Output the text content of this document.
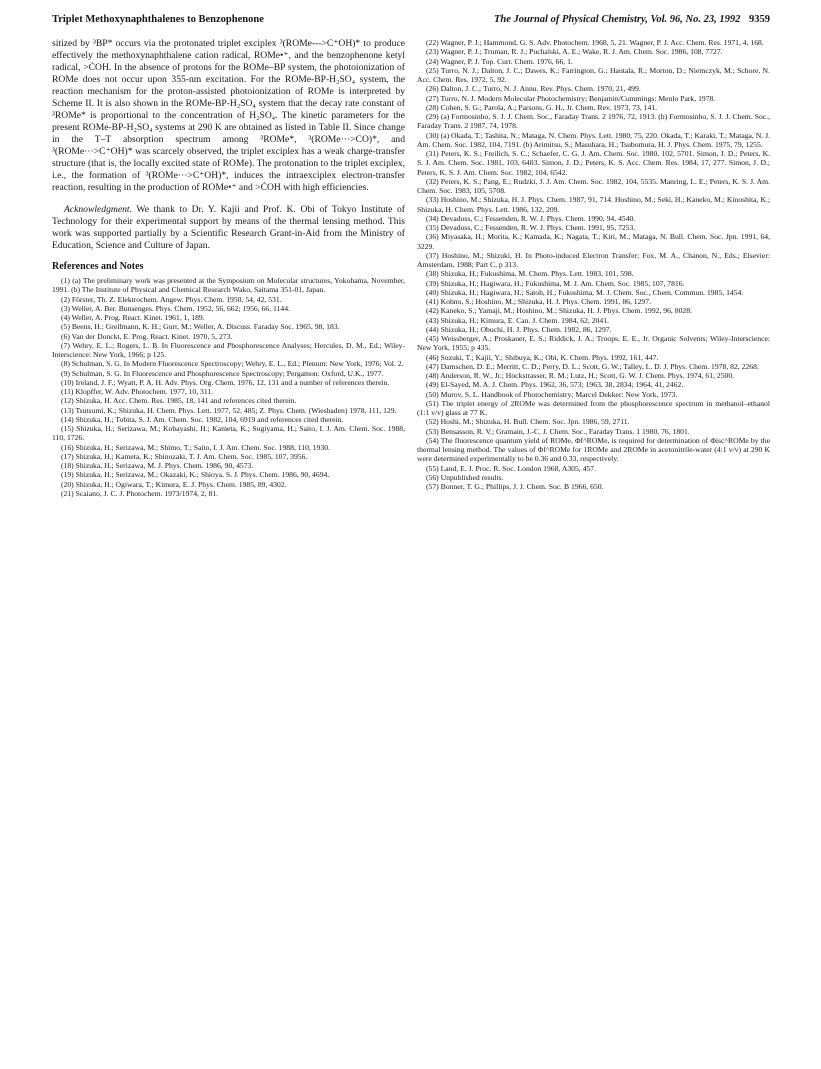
Triplet Methoxynaphthalenes to Benzophenone	The Journal of Physical Chemistry, Vol. 96, No. 23, 1992 9359

sitized by ³BP* occurs via the protonated triplet exciplex ³(ROMe--->C⁺OH)* to produce effectively the methoxynaphthalene cation radical, ROMe•⁺, and the benzophenone ketyl radical, >ĊOH. In the absence of protons for the ROMe–BP system, the photoionization of ROMe does not occur upon 355-nm excitation. For the ROMe-BP-H₂SO₄ system, the reaction mechanism for the proton-assisted photoionization of ROMe is interpreted by Scheme II. It is also shown in the ROMe-BP-H₂SO₄ system that the decay rate constant of ³ROMe* is proportional to the concentration of H₂SO₄. The kinetic parameters for the present ROMe-BP-H₂SO₄ systems at 290 K are obtained as listed in Table II. Since change in the T–T absorption spectrum among ³ROMe*, ³(ROMe···>CO)*, and ³(ROMe···>C⁺OH)* was scarcely observed, the triplet exciplex has a weak charge-transfer structure (that is, the locally excited state of ROMe). The protonation to the triplet exciplex, i.e., the formation of ³(ROMe···>C⁺OH)*, induces the intraexciplex electron-transfer reaction, resulting in the production of ROMe•⁺ and >ĊOH with high efficiencies.

Acknowledgment. We thank to Dr. Y. Kajii and Prof. K. Obi of Tokyo Institute of Technology for their experimental support by means of the thermal lensing method. This work was supported partially by a Scientific Research Grant-in-Aid from the Ministry of Education, Science and Culture of Japan.

References and Notes

(1) (a) The preliminary work was presented at the Symposium on Molecular structures, Yokohama, November, 1991. (b) The Institute of Physical and Chemical Research Wako, Saitama 351-01, Japan.

(2) Förster, Th. Z. Elektrochem. Angew. Phys. Chem. 1950, 54, 42, 531.

(3) Weller, A. Ber. Bunsenges. Phys. Chem. 1952, 56, 662; 1956, 66, 1144.

(4) Weller, A. Prog. React. Kinet. 1961, 1, 189.

(5) Beens, H.; Grellmann, K. H.; Gurr, M.; Weller, A. Discuss. Faraday Soc. 1965, 98, 183.

(6) Van der Donckt, E. Prog. React. Kinet. 1970, 5, 273.

(7) Wehry, E. L.; Rogers, L. B. In Fluorescence and Phosphorescence Analyses; Hercules, D. M., Ed.; Wiley-Interscience: New York, 1966; p 125.

(8) Schulman, S. G. In Modern Fluorescence Spectroscopy; Wehry, E. L., Ed.; Plenum: New York, 1976; Vol. 2.

(9) Schulman, S. G. In Fluorescence and Phosphorescence Spectroscopy; Pergamon: Oxford, U.K., 1977.

(10) Ireland, J. F.; Wyatt, P. A. H. Adv. Phys. Org. Chem. 1976, 12, 131 and a number of references therein.

(11) Klopffer, W. Adv. Photochem. 1977, 10, 311.

(12) Shizuka, H. Acc. Chem. Res. 1985, 18, 141 and references cited therein.

(13) Tsutsumi, K.; Shizuka, H. Chem. Phys. Lett. 1977, 52, 485; Z. Phys. Chem. (Wiesbaden) 1978, 111, 129.

(14) Shizuka, H.; Tobita, S. J. Am. Chem. Soc. 1982, 104, 6919 and references cited therein.

(15) Shizuka, H.; Serizawa, M.; Kobayashi, H.; Kameta, K.; Sugiyama, H.; Saito, I. J. Am. Chem. Soc. 1988, 110, 1726.

(16) Shizuka, H.; Serizawa, M.; Shimo, T.; Saito, I. J. Am. Chem. Soc. 1988, 110, 1930.

(17) Shizuka, H.; Kameta, K.; Shinozaki, T. J. Am. Chem. Soc. 1985, 107, 3956.

(18) Shizuka, H.; Serizawa, M. J. Phys. Chem. 1986, 90, 4573.

(19) Shizuka, H.; Serizawa, M.; Okazaki, K.; Shioya, S. J. Phys. Chem. 1986, 90, 4694.

(20) Shizuka, H.; Ogiwara, T.; Kimura, E. J. Phys. Chem. 1985, 89, 4302.

(21) Scaiano, J. C. J. Photochem. 1973/1974, 2, 81.

(22) Wagner, P. J.; Hammond, G. S. Adv. Photochem. 1968, 5, 21. Wagner, P. J. Acc. Chem. Res. 1971, 4, 168.

(23) Wagner, P. J.; Truman, R. J.; Puchalski, A. E.; Wake, R. J. Am. Chem. Soc. 1986, 108, 7727.

(24) Wagner, P. J. Top. Curr. Chem. 1976, 66, 1.

(25) Turro, N. J.; Dalton, J. C.; Dawes, K.; Farrington, G.; Hautala, R.; Morton, D.; Niemczyk, M.; Schore, N. Acc. Chem. Res. 1972, 5, 92.

(26) Dalton, J. C.; Turro, N. J. Annu. Rev. Phys. Chem. 1970, 21, 499.

(27) Turro, N. J. Modern Molecular Photochemistry; Benjamin/Cummings: Menlo Park, 1978.

(28) Cohen, S. G.; Parola, A.; Parsons, G. H., Jr. Chem. Rev. 1973, 73, 141.

(29) (a) Formosinho, S. J. J. Chem. Soc., Faraday Trans. 2 1976, 72, 1913. (b) Formosinho, S. J. J. Chem. Soc., Faraday Trans. 2 1987, 74, 1978.

(30) (a) Okada, T.; Tashita, N.; Mataga, N. Chem. Phys. Lett. 1980, 75, 220. Okada, T.; Karaki, T.; Mataga, N. J. Am. Chem. Soc. 1982, 104, 7191. (b) Arimitsu, S.; Masuhara, H.; Tsubomura, H. J. Phys. Chem. 1975, 79, 1255.

(31) Peters, K. S.; Freilich, S. C.; Schaefer, C. G. J. Am. Chem. Soc. 1980, 102, 5701. Simon, J. D.; Peters, K. S. J. Am. Chem. Soc. 1981, 103, 6403. Simon, J. D.; Peters, K. S. Acc. Chem. Res. 1984, 17, 277. Simon, J. D.; Peters, K. S. J. Am. Chem. Soc. 1982, 104, 6542.

(32) Peters, K. S.; Pang, E.; Rudzki, J. J. Am. Chem. Soc. 1982, 104, 5535. Manring, L. E.; Peters, K. S. J. Am. Chem. Soc. 1983, 105, 5708.

(33) Hoshino, M.; Shizuka, H. J. Phys. Chem. 1987, 91, 714. Hoshino, M.; Seki, H.; Kaneko, M.; Kinoshita, K.; Shizuka, H. Chem. Phys. Lett. 1986, 132, 209.

(34) Devadoss, C.; Fessenden, R. W. J. Phys. Chem. 1990, 94, 4540.

(35) Devadoss, C.; Fessenden, R. W. J. Phys. Chem. 1991, 95, 7253.

(36) Miyasaka, H.; Morita, K.; Kamada, K.; Nagata, T.; Kiri, M.; Mataga, N. Bull. Chem. Soc. Jpn. 1991, 64, 3229.

(37) Hoshino, M.; Shizuki, H. In Photo-induced Electron Transfer; Fox, M. A., Chanon, N., Eds.; Elsevier: Amsterdam, 1988; Part C, p 313.

(38) Shizuka, H.; Fukushima, M. Chem. Phys. Lett. 1983, 101, 598.

(39) Shizuka, H.; Hagiwara, H.; Fukushima, M. J. Am. Chem. Soc. 1985, 107, 7816.

(40) Shizuka, H.; Hagiwara, H.; Satoh, H.; Fukushima, M. J. Chem. Soc., Chem. Commun. 1985, 1454.

(41) Kohno, S.; Hoshino, M.; Shizuka, H. J. Phys. Chem. 1991, 86, 1297.

(42) Kaneko, S.; Yamaji, M.; Hoshino, M.; Shizuka, H. J. Phys. Chem. 1992, 96, 8028.

(43) Shizuka, H.; Kimura, E. Can. J. Chem. 1984, 62, 2041.

(44) Shizuka, H.; Obuchi, H. J. Phys. Chem. 1982, 86, 1297.

(45) Weissberger, A.; Proskauer, E. S.; Riddick, J. A.; Troops, E. E., Jr. Organic Solvents; Wiley-Interscience: New York, 1955; p 435.

(46) Suzuki, T.; Kajii, Y.; Shibuya, K.; Obi, K. Chem. Phys. 1992, 161, 447.

(47) Damschen, D. E.; Merritt, C. D.; Perry, D. L.; Scott, G. W.; Talley, L. D. J. Phys. Chem. 1978, 82, 2268.

(48) Anderson, R. W., Jr.; Hockstrasser, R. M.; Lutz, H.; Scott, G. W. J. Chem. Phys. 1974, 61, 2500.

(49) El-Sayed, M. A. J. Chem. Phys. 1962, 36, 573; 1963, 38, 2834; 1964, 41, 2462.

(50) Murov, S. L. Handbook of Photochemistry; Marcel Dekker: New York, 1973.

(51) The triplet energy of 2ROMe was determined from the phosphorescence spectrum in methanol–ethanol (1:1 v/v) glass at 77 K.

(52) Hoshi, M.; Shizuka, H. Bull. Chem. Soc. Jpn. 1986, 59, 2711.

(53) Bensasson, R. V.; Gramain, J.-C. J. Chem. Soc., Faraday Trans. 1 1980, 76, 1801.

(54) The fluorescence quantum yield of ROMe, Φf^ROMe, is required for determination of Φisc^ROMe by the thermal lensing method. The values of Φf^ROMe for 1ROMe and 2ROMe in acetonitrile-water (4:1 v/v) at 290 K were determined experimentally to be 0.36 and 0.33, respectively.

(55) Land, E. J. Proc. R. Soc. London 1968, A305, 457.

(56) Unpublished results.

(57) Bonner, T. G.; Phillips, J. J. Chem. Soc. B 1966, 650.
